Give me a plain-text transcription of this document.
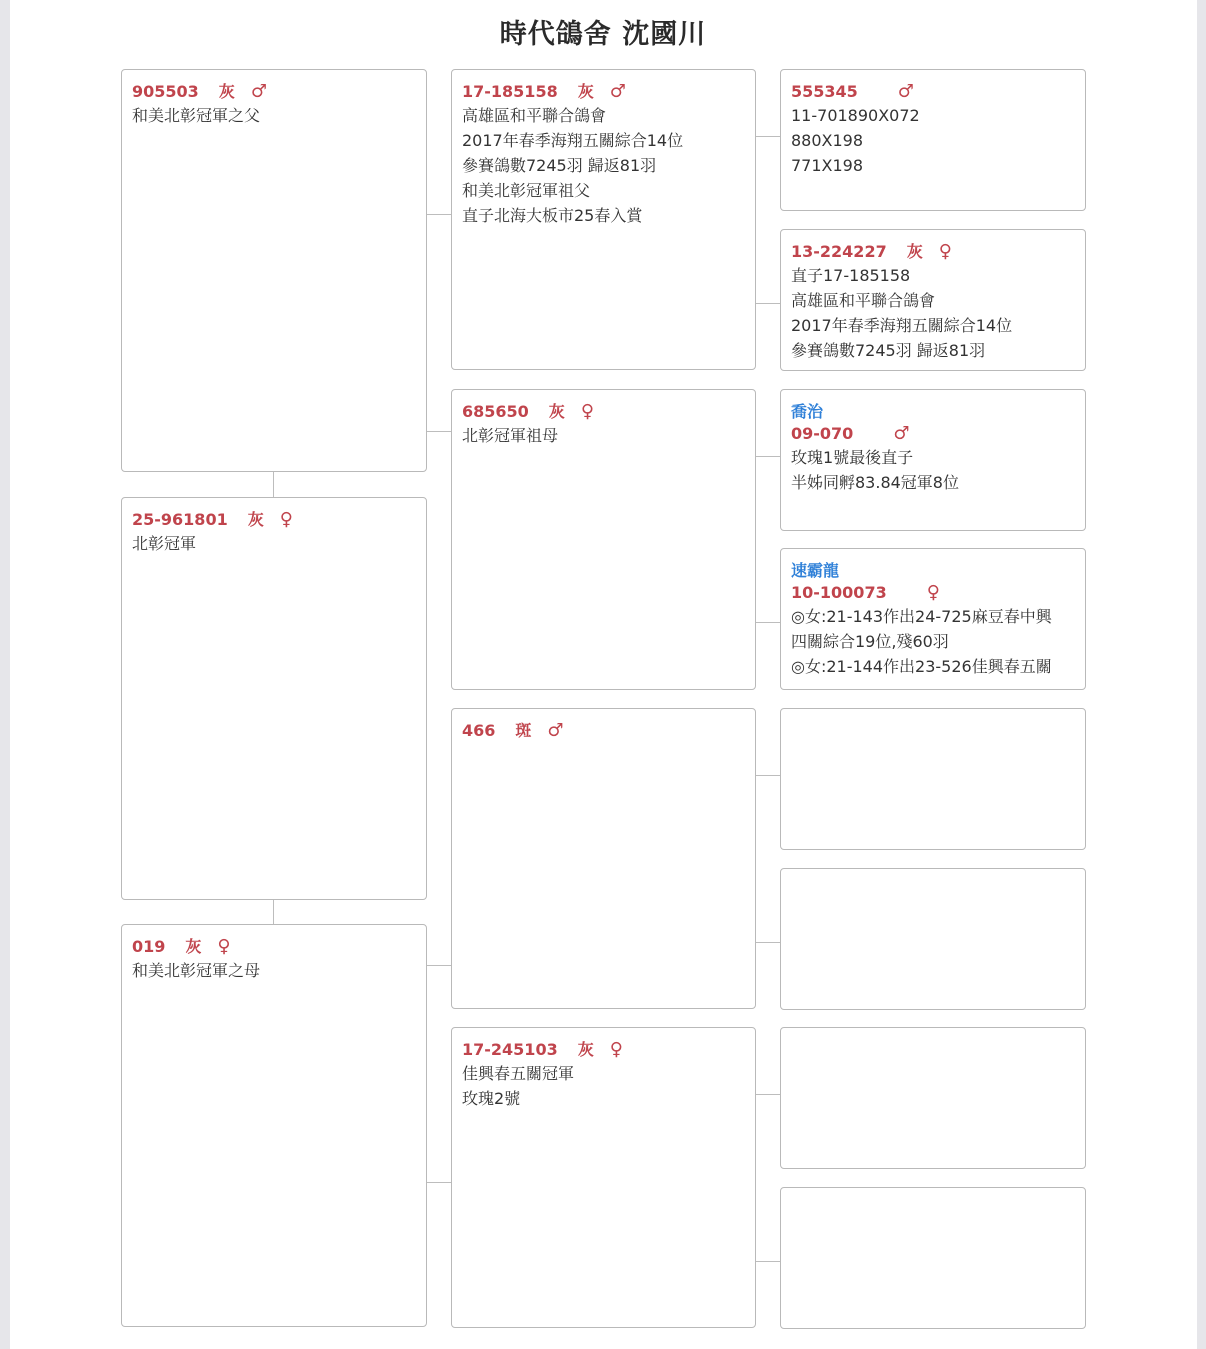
時代鴿舍 沈國川
905503 灰 ♂
和美北彰冠軍之父
25-961801 灰 ♀
北彰冠軍
019 灰 ♀
和美北彰冠軍之母
17-185158 灰 ♂
高雄區和平聯合鴿會
2017年春季海翔五關綜合14位
參賽鴿數7245羽 歸返81羽
和美北彰冠軍祖父
直子北海大板市25春入賞
685650 灰 ♀
北彰冠軍祖母
466 斑 ♂
17-245103 灰 ♀
佳興春五關冠軍
玫瑰2號
555345 ♂
11-701890X072
880X198
771X198
13-224227 灰 ♀
直子17-185158
高雄區和平聯合鴿會
2017年春季海翔五關綜合14位
參賽鴿數7245羽 歸返81羽
喬治
09-070 ♂
玫瑰1號最後直子
半姊同孵83.84冠軍8位
速霸龍
10-100073 ♀
◎女:21-143作出24-725麻豆春中興
四關綜合19位,殘60羽
◎女:21-144作出23-526佳興春五關
